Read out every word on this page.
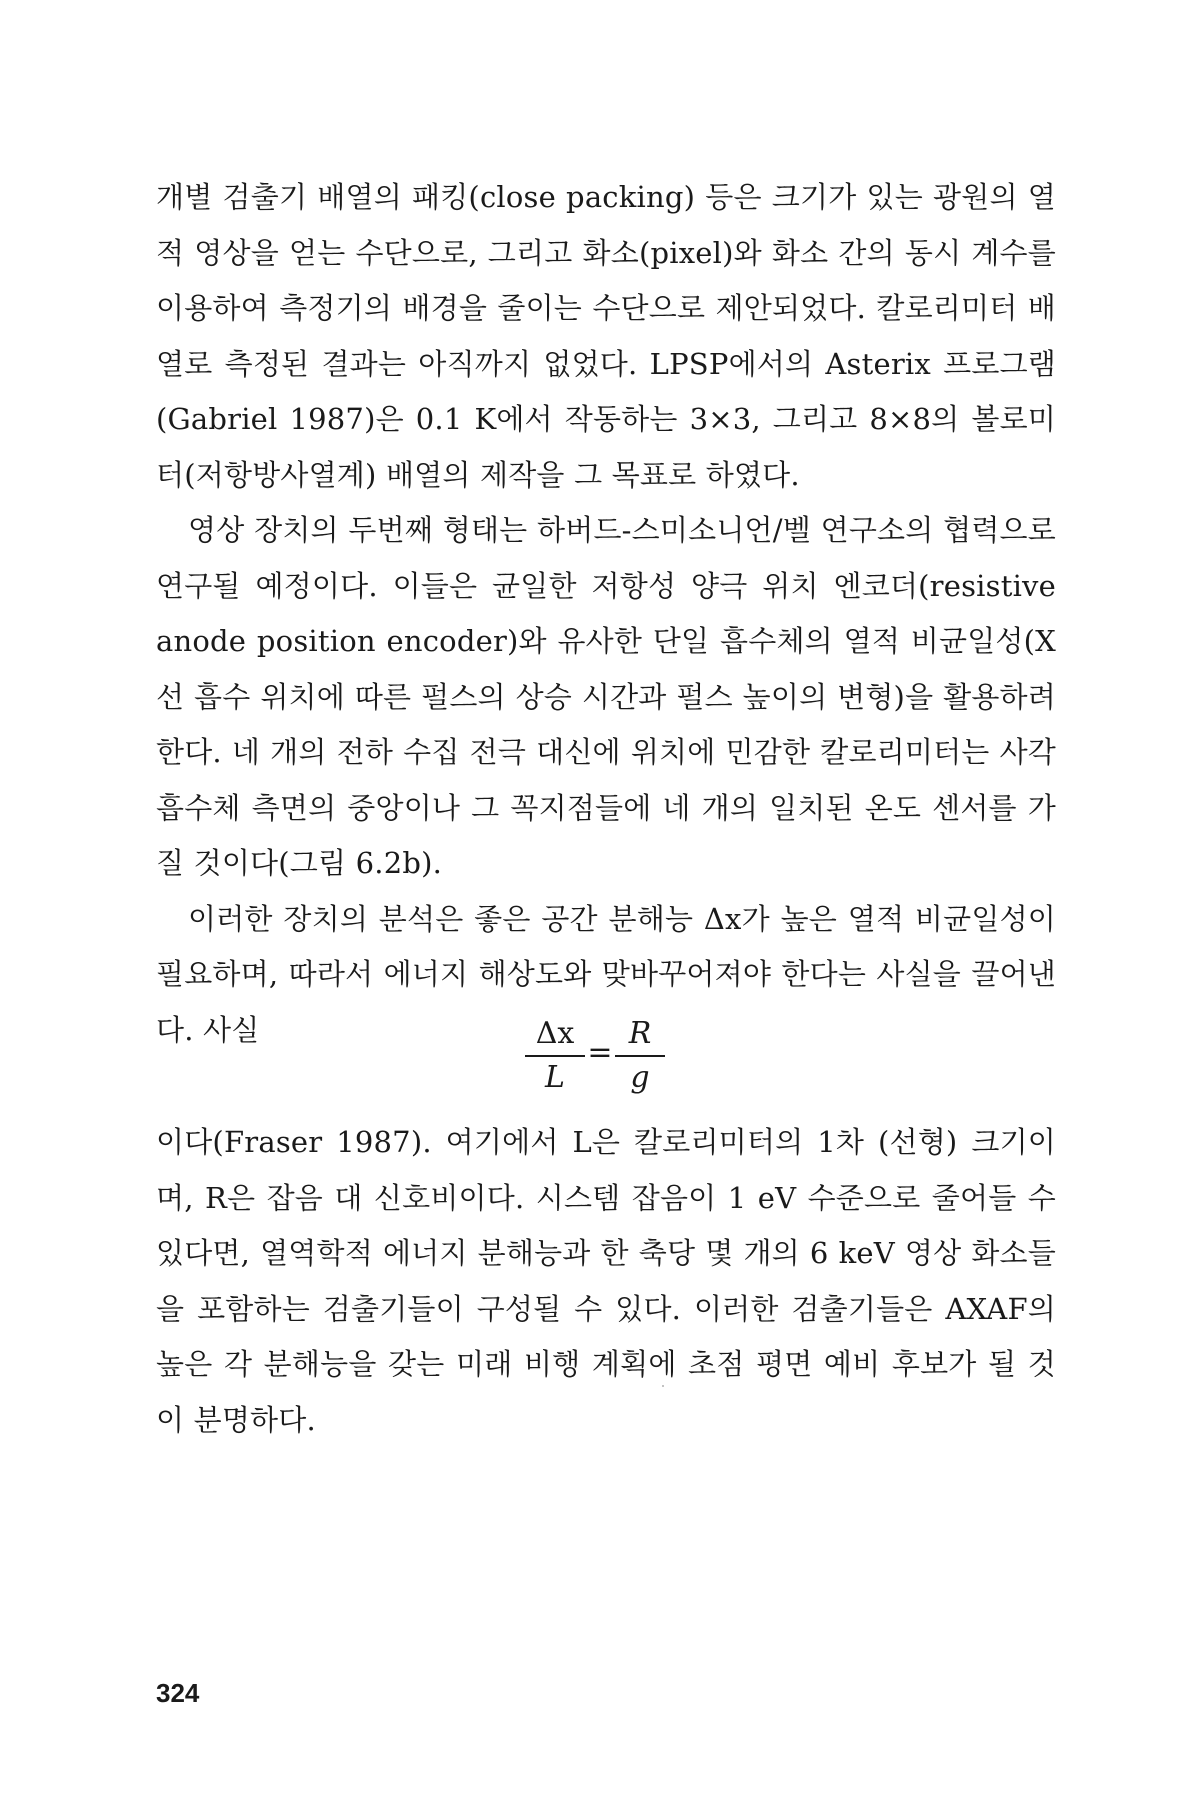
개별 검출기 배열의 패킹(close packing) 등은 크기가 있는 광원의 열적 영상을 얻는 수단으로, 그리고 화소(pixel)와 화소 간의 동시 계수를 이용하여 측정기의 배경을 줄이는 수단으로 제안되었다. 칼로리미터 배열로 측정된 결과는 아직까지 없었다. LPSP에서의 Asterix 프로그램(Gabriel 1987)은 0.1 K에서 작동하는 3×3, 그리고 8×8의 볼로미터(저항방사열계) 배열의 제작을 그 목표로 하였다.

영상 장치의 두번째 형태는 하버드-스미소니언/벨 연구소의 협력으로 연구될 예정이다. 이들은 균일한 저항성 양극 위치 엔코더(resistive anode position encoder)와 유사한 단일 흡수체의 열적 비균일성(X선 흡수 위치에 따른 펄스의 상승 시간과 펄스 높이의 변형)을 활용하려 한다. 네 개의 전하 수집 전극 대신에 위치에 민감한 칼로리미터는 사각 흡수체 측면의 중앙이나 그 꼭지점들에 네 개의 일치된 온도 센서를 가질 것이다(그림 6.2b).

이러한 장치의 분석은 좋은 공간 분해능 Δx가 높은 열적 비균일성이 필요하며, 따라서 에너지 해상도와 맞바꾸어져야 한다는 사실을 끌어낸다. 사실	Δx
L
=
R
g

이다(Fraser 1987). 여기에서 L은 칼로리미터의 1차 (선형) 크기이며, R은 잡음 대 신호비이다. 시스템 잡음이 1 eV 수준으로 줄어들 수 있다면, 열역학적 에너지 분해능과 한 축당 몇 개의 6 keV 영상 화소들을 포함하는 검출기들이 구성될 수 있다. 이러한 검출기들은 AXAF의 높은 각 분해능을 갖는 미래 비행 계획에 초점 평면 예비 후보가 될 것이 분명하다.

324
